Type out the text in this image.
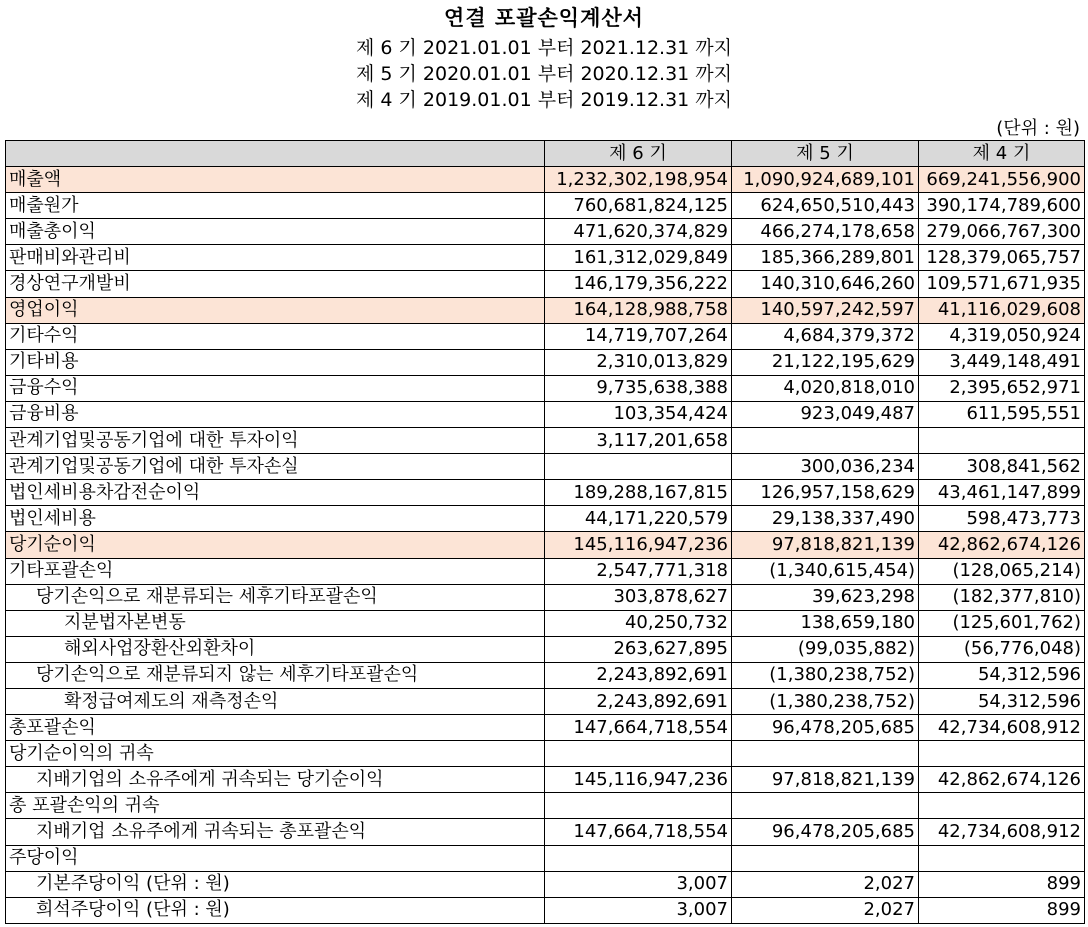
연결 포괄손익계산서
제 6 기 2021.01.01 부터 2021.12.31 까지
제 5 기 2020.01.01 부터 2020.12.31 까지
제 4 기 2019.01.01 부터 2019.12.31 까지
(단위 : 원)
	제 6 기	제 5 기	제 4 기
매출액	1,232,302,198,954	1,090,924,689,101	669,241,556,900
매출원가	760,681,824,125	624,650,510,443	390,174,789,600
매출총이익	471,620,374,829	466,274,178,658	279,066,767,300
판매비와관리비	161,312,029,849	185,366,289,801	128,379,065,757
경상연구개발비	146,179,356,222	140,310,646,260	109,571,671,935
영업이익	164,128,988,758	140,597,242,597	41,116,029,608
기타수익	14,719,707,264	4,684,379,372	4,319,050,924
기타비용	2,310,013,829	21,122,195,629	3,449,148,491
금융수익	9,735,638,388	4,020,818,010	2,395,652,971
금융비용	103,354,424	923,049,487	611,595,551
관계기업및공동기업에 대한 투자이익	3,117,201,658		
관계기업및공동기업에 대한 투자손실		300,036,234	308,841,562
법인세비용차감전순이익	189,288,167,815	126,957,158,629	43,461,147,899
법인세비용	44,171,220,579	29,138,337,490	598,473,773
당기순이익	145,116,947,236	97,818,821,139	42,862,674,126
기타포괄손익	2,547,771,318	(1,340,615,454)	(128,065,214)
당기손익으로 재분류되는 세후기타포괄손익	303,878,627	39,623,298	(182,377,810)
지분법자본변동	40,250,732	138,659,180	(125,601,762)
해외사업장환산외환차이	263,627,895	(99,035,882)	(56,776,048)
당기손익으로 재분류되지 않는 세후기타포괄손익	2,243,892,691	(1,380,238,752)	54,312,596
확정급여제도의 재측정손익	2,243,892,691	(1,380,238,752)	54,312,596
총포괄손익	147,664,718,554	96,478,205,685	42,734,608,912
당기순이익의 귀속			
지배기업의 소유주에게 귀속되는 당기순이익	145,116,947,236	97,818,821,139	42,862,674,126
총 포괄손익의 귀속			
지배기업 소유주에게 귀속되는 총포괄손익	147,664,718,554	96,478,205,685	42,734,608,912
주당이익			
기본주당이익 (단위 : 원)	3,007	2,027	899
희석주당이익 (단위 : 원)	3,007	2,027	899
